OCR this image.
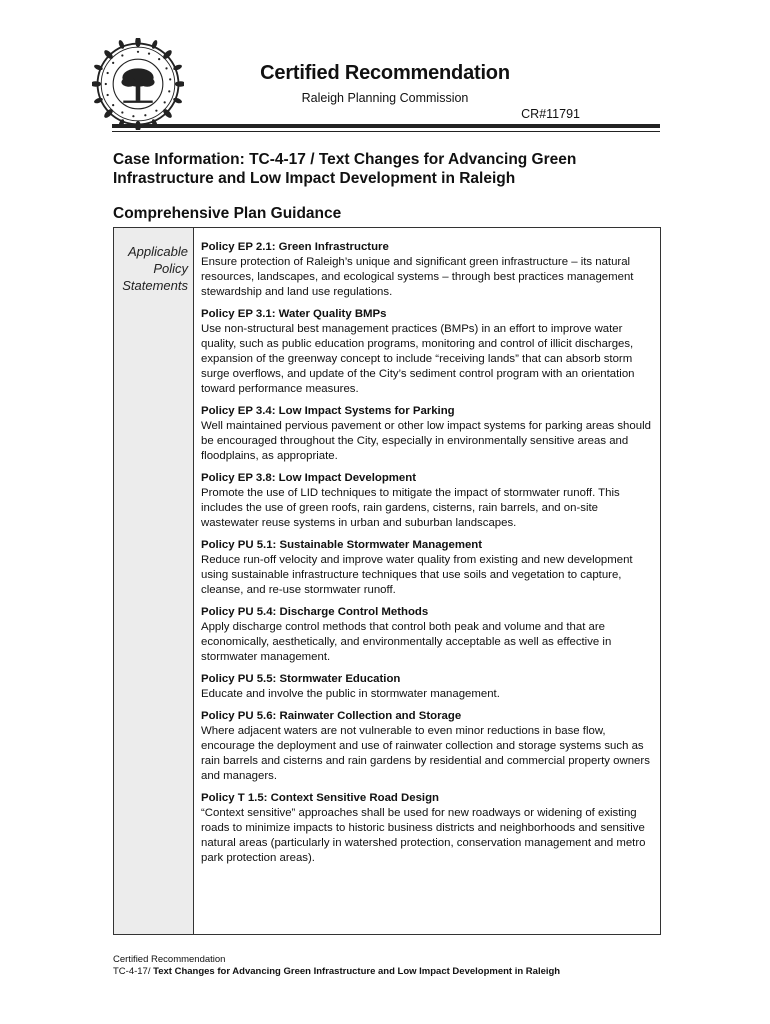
Certified Recommendation
Raleigh Planning Commission
CR#11791
Case Information: TC-4-17 / Text Changes for Advancing Green Infrastructure and Low Impact Development in Raleigh
Comprehensive Plan Guidance
Applicable
Policy
Statements
Policy EP 2.1: Green Infrastructure
Ensure protection of Raleigh’s unique and significant green infrastructure – its natural resources, landscapes, and ecological systems – through best practices management stewardship and land use regulations.
Policy EP 3.1: Water Quality BMPs
Use non-structural best management practices (BMPs) in an effort to improve water quality, such as public education programs, monitoring and control of illicit discharges, expansion of the greenway concept to include “receiving lands” that can absorb storm surge overflows, and update of the City’s sediment control program with an orientation toward performance measures.
Policy EP 3.4: Low Impact Systems for Parking
Well maintained pervious pavement or other low impact systems for parking areas should be encouraged throughout the City, especially in environmentally sensitive areas and floodplains, as appropriate.
Policy EP 3.8: Low Impact Development
Promote the use of LID techniques to mitigate the impact of stormwater runoff. This includes the use of green roofs, rain gardens, cisterns, rain barrels, and on-site wastewater reuse systems in urban and suburban landscapes.
Policy PU 5.1: Sustainable Stormwater Management
Reduce run-off velocity and improve water quality from existing and new development using sustainable infrastructure techniques that use soils and vegetation to capture, cleanse, and re-use stormwater runoff.
Policy PU 5.4: Discharge Control Methods
Apply discharge control methods that control both peak and volume and that are economically, aesthetically, and environmentally acceptable as well as effective in stormwater management.
Policy PU 5.5: Stormwater Education
Educate and involve the public in stormwater management.
Policy PU 5.6: Rainwater Collection and Storage
Where adjacent waters are not vulnerable to even minor reductions in base flow, encourage the deployment and use of rainwater collection and storage systems such as rain barrels and cisterns and rain gardens by residential and commercial property owners and managers.
Policy T 1.5: Context Sensitive Road Design
“Context sensitive” approaches shall be used for new roadways or widening of existing roads to minimize impacts to historic business districts and neighborhoods and sensitive natural areas (particularly in watershed protection, conservation management and metro park protection areas).
Certified Recommendation
TC-4-17/ Text Changes for Advancing Green Infrastructure and Low Impact Development in Raleigh
